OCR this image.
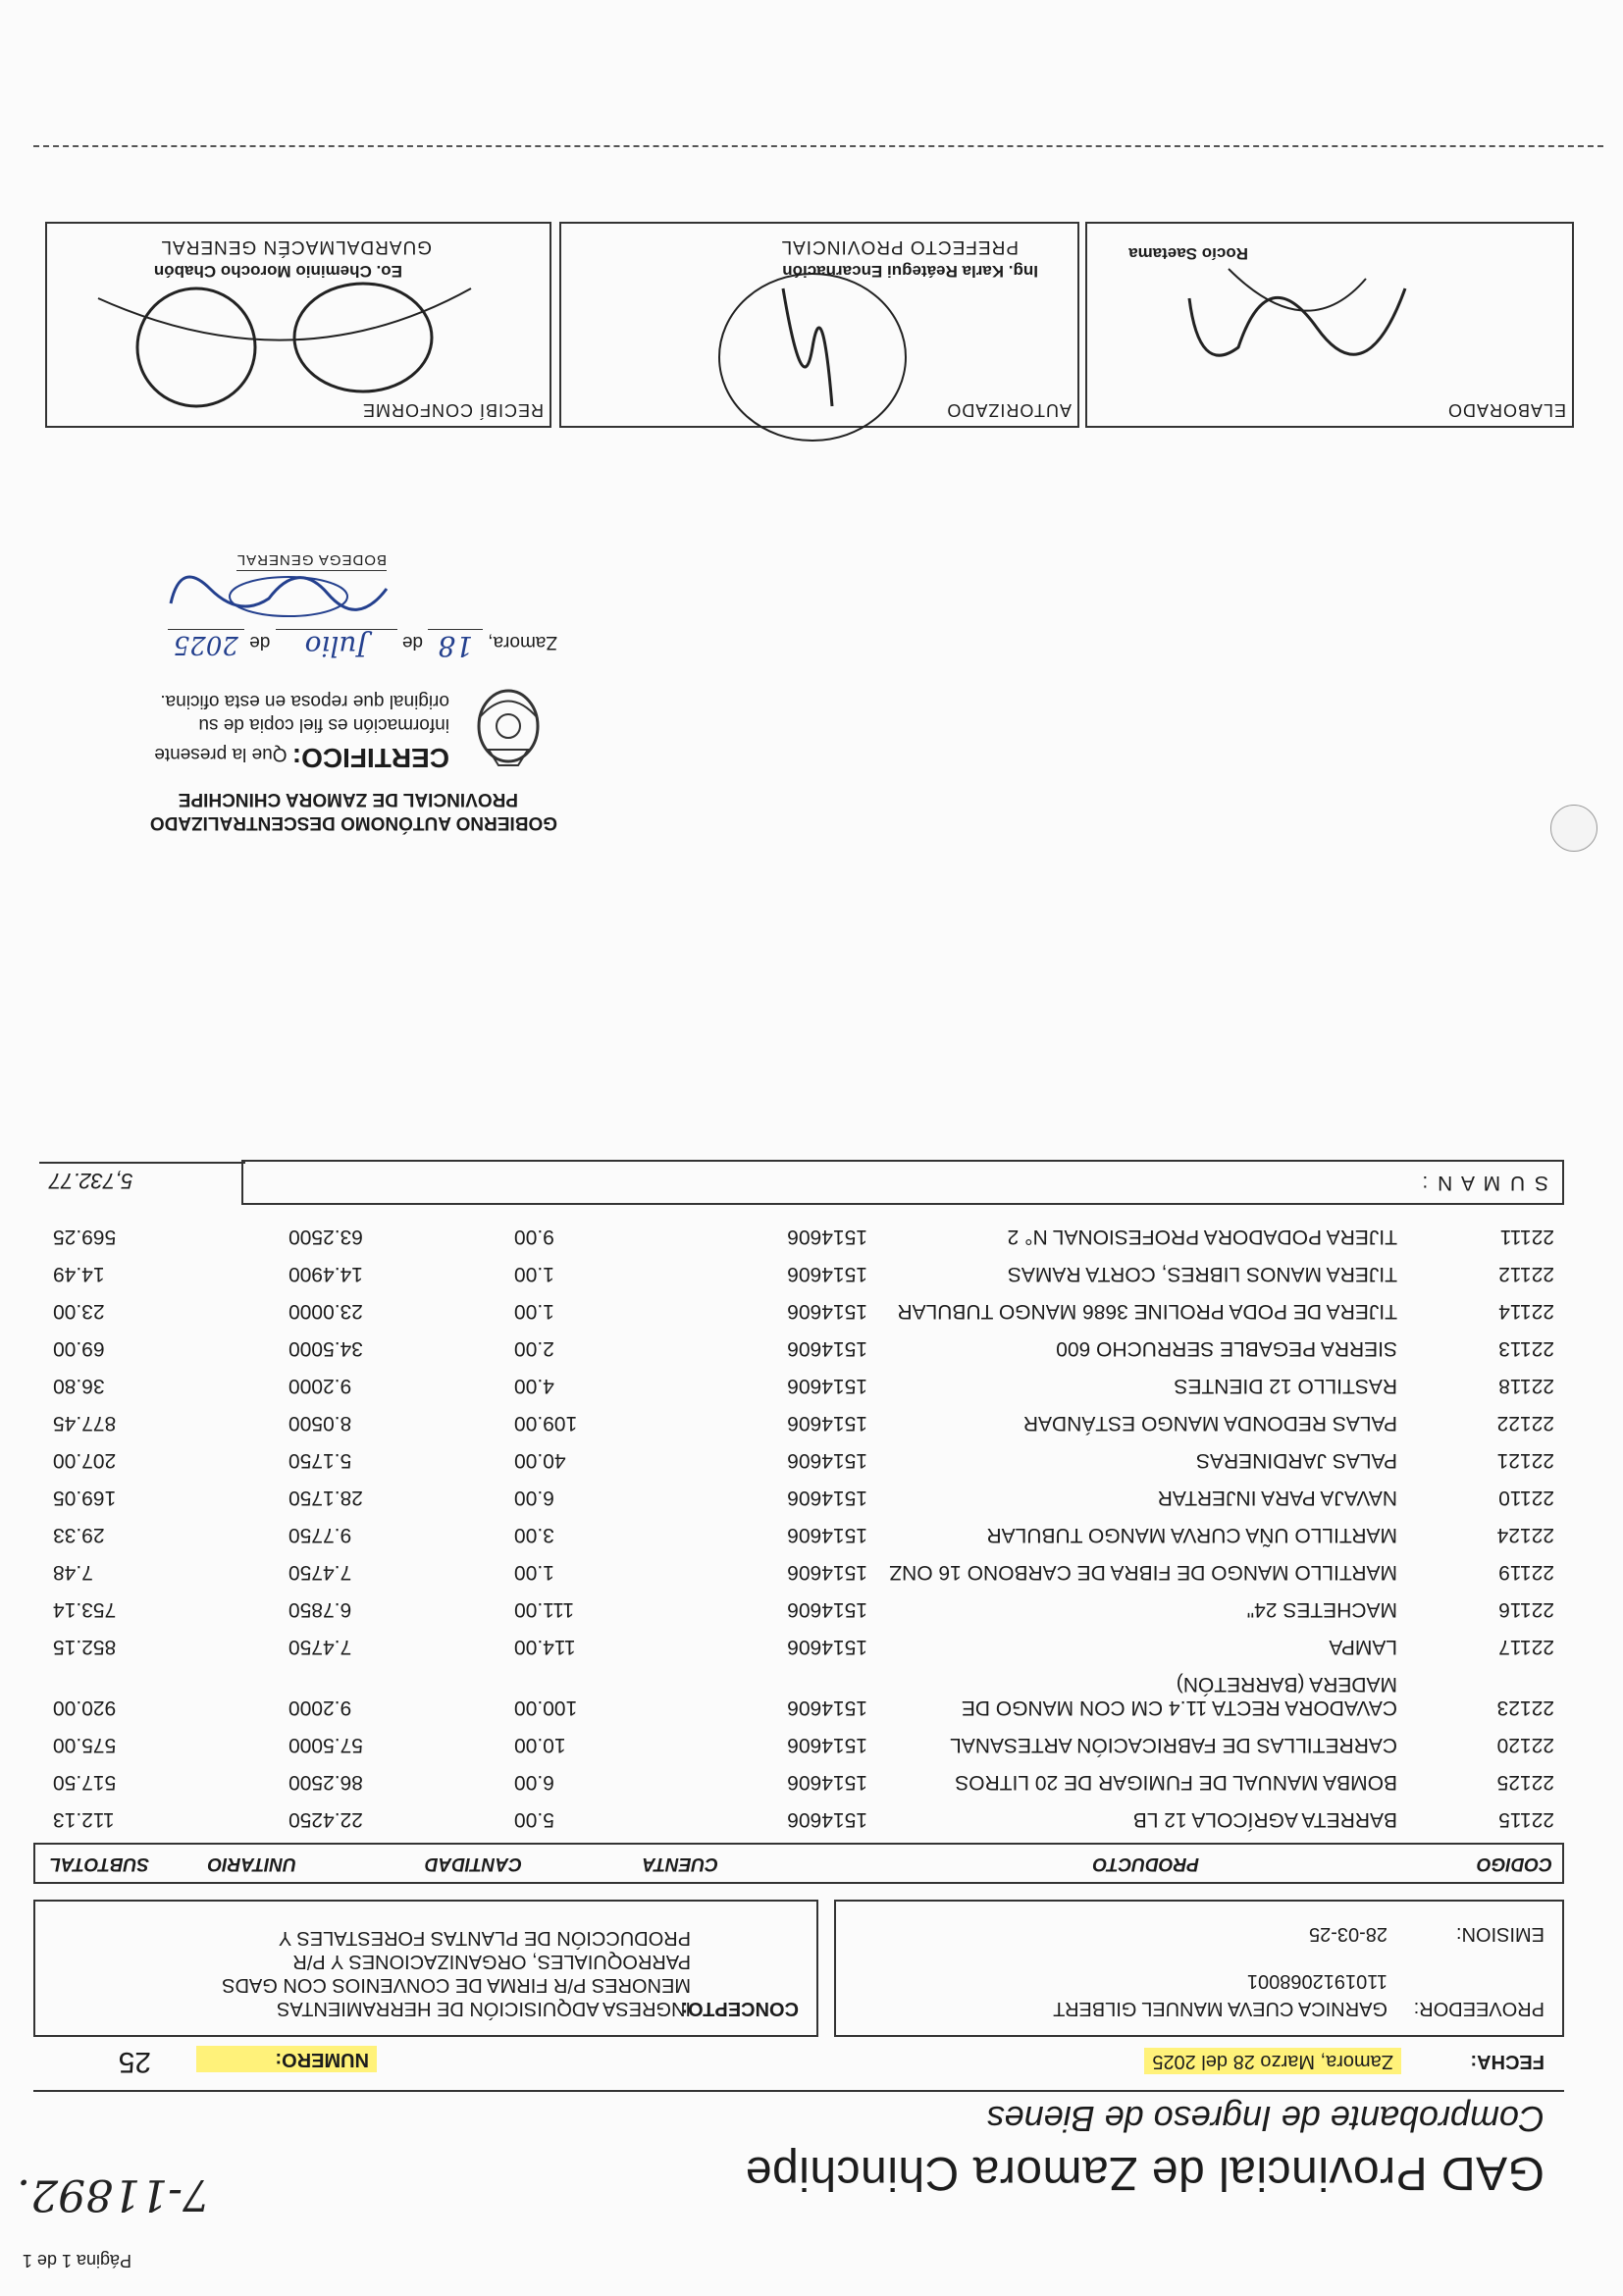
Página 1 de 1
7-11892.	GAD Provincial de Zamora Chinchipe
Comprobante de Ingreso de Bienes
FECHA:
Zamora, Marzo 28 del 2025
NUMERO:
25
PROVEEDOR:
GARNICA CUEVA MANUEL GILBERT
1101912068001
EMISION:
28-03-25
CONCEPTO:
INGRESA ADQUISICIÓN DE HERRAMIENTAS
MENORES P/R FIRMA DE CONVENIOS CON GADS
PARROQUIALES, ORGANIZACIONES Y P/R
PRODUCCIÓN DE PLANTAS FORESTALES Y
CODIGO
PRODUCTO
CUENTA
CANTIDAD
UNITARIO
SUBTOTAL
22115
BARRETA AGRÍCOLA 12 LB
1514606
5.00
22.4250
112.13
22125
BOMBA MANUAL DE FUMIGAR DE 20 LITROS
1514606
6.00
86.2500
517.50
22120
CARRETILLAS DE FABRICACIÓN ARTESANAL
1514606
10.00
57.5000
575.00
22123
CAVADORA RECTA 11.4 CM CON MANGO DE MADERA (BARRETÓN)
1514606
100.00
9.2000
920.00
22117
LAMPA
1514606
114.00
7.4750
852.15
22116
MACHETES 24"
1514606
111.00
6.7850
753.14
22119
MARTILLO MANGO DE FIBRA DE CARBONO 16 ONZ
1514606
1.00
7.4750
7.48
22124
MARTILLO UÑA CURVA MANGO TUBULAR
1514606
3.00
9.7750
29.33
22110
NAVAJA PARA INJERTAR
1514606
6.00
28.1750
169.05
22121
PALAS JARDINERAS
1514606
40.00
5.1750
207.00
22122
PALAS REDONDA MANGO ESTÁNDAR
1514606
109.00
8.0500
877.45
22118
RASTILLO 12 DIENTES
1514606
4.00
9.2000
36.80
22113
SIERRA PEGABLE SERRUCHO 600
1514606
2.00
34.5000
69.00
22114
TIJERA DE PODA PROLINE 3686 MANGO TUBULAR
1514606
1.00
23.0000
23.00
22112
TIJERA MANOS LIBRES, CORTA RAMAS
1514606
1.00
14.4900
14.49
22111
TIJERA PODADORA PROFESIONAL N° 2
1514606
9.00
63.2500
569.25
S U M A N :
5,732.77
GOBIERNO AUTÓNOMO DESCENTRALIZADO
PROVINCIAL DE ZAMORA CHINCHIPE
CERTIFICO: Que la presente
información es fiel copia de su
original que reposa en esta oficina.
Zamora, 18 de Julio de 2025
BODEGA GENERAL
ELABORADO
Rocío Saetama
AUTORIZADO
Ing. Karla Reátegui Encarnación
PREFECTO PROVINCIAL
RECIBÍ CONFORME
Eo. Cheminio Morocho Chabón
GUARDALMACÉN GENERAL
